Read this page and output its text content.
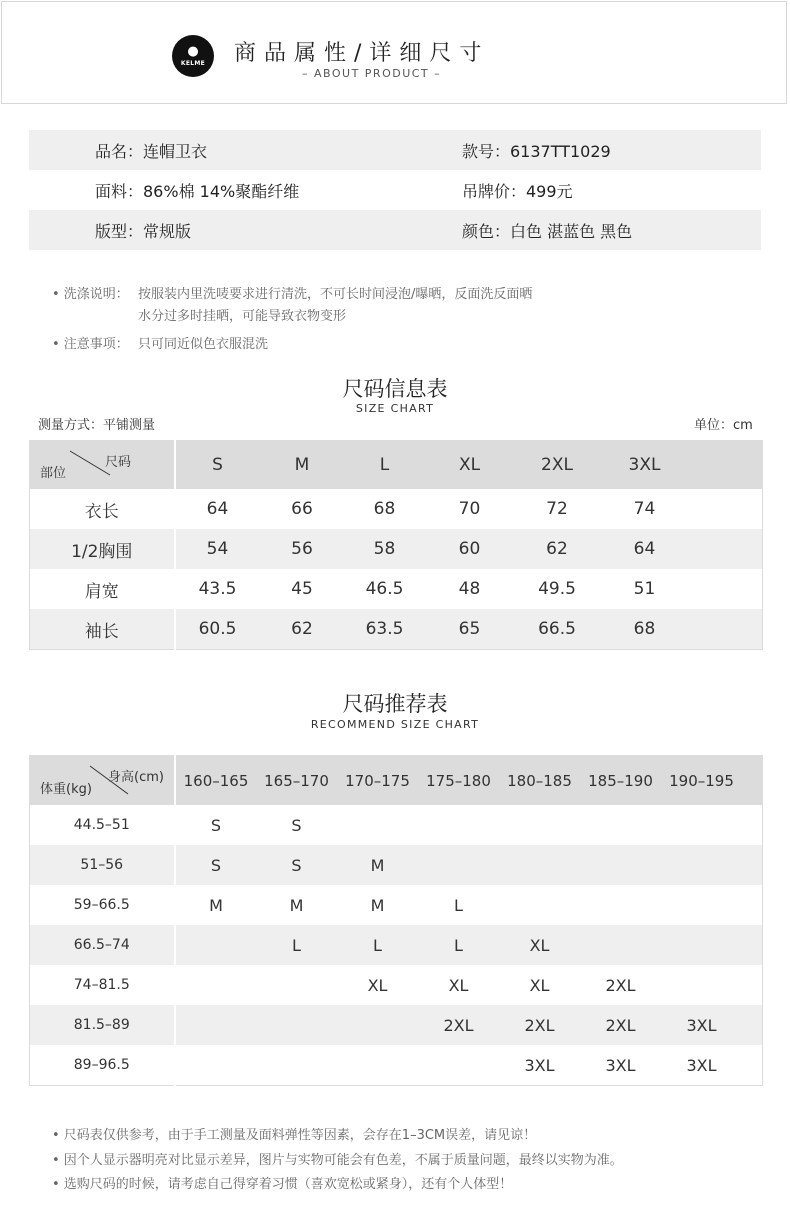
●
KELME 商品属性/详细尺寸
– ABOUT PRODUCT –
品名：连帽卫衣	款号：6137TT1029
面料：86%棉 14%聚酯纤维	吊牌价：499元
版型：常规版	颜色：白色 湛蓝色 黑色
• 洗涤说明： 按服装内里洗唛要求进行清洗，不可长时间浸泡/曝晒，反面洗反面晒
水分过多时挂晒，可能导致衣物变形
• 注意事项： 只可同近似色衣服混洗
尺码信息表
SIZE CHART
测量方式：平铺测量	单位：cm
尺码
部位	S	M	L	XL	2XL	3XL	
衣长	64	66	68	70	72	74	
1/2胸围	54	56	58	60	62	64	
肩宽	43.5	45	46.5	48	49.5	51	
袖长	60.5	62	63.5	65	66.5	68	
尺码推荐表
RECOMMEND SIZE CHART
身高(cm)
体重(kg)	160–165	165–170	170–175	175–180	180–185	185–190	190–195	
44.5–51	S	S						
51–56	S	S	M					
59–66.5	M	M	M	L				
66.5–74		L	L	L	XL			
74–81.5			XL	XL	XL	2XL		
81.5–89				2XL	2XL	2XL	3XL	
89–96.5					3XL	3XL	3XL	
• 尺码表仅供参考，由于手工测量及面料弹性等因素，会存在1–3CM误差，请见谅！
• 因个人显示器明亮对比显示差异，图片与实物可能会有色差，不属于质量问题，最终以实物为准。
• 选购尺码的时候，请考虑自己得穿着习惯（喜欢宽松或紧身），还有个人体型！
